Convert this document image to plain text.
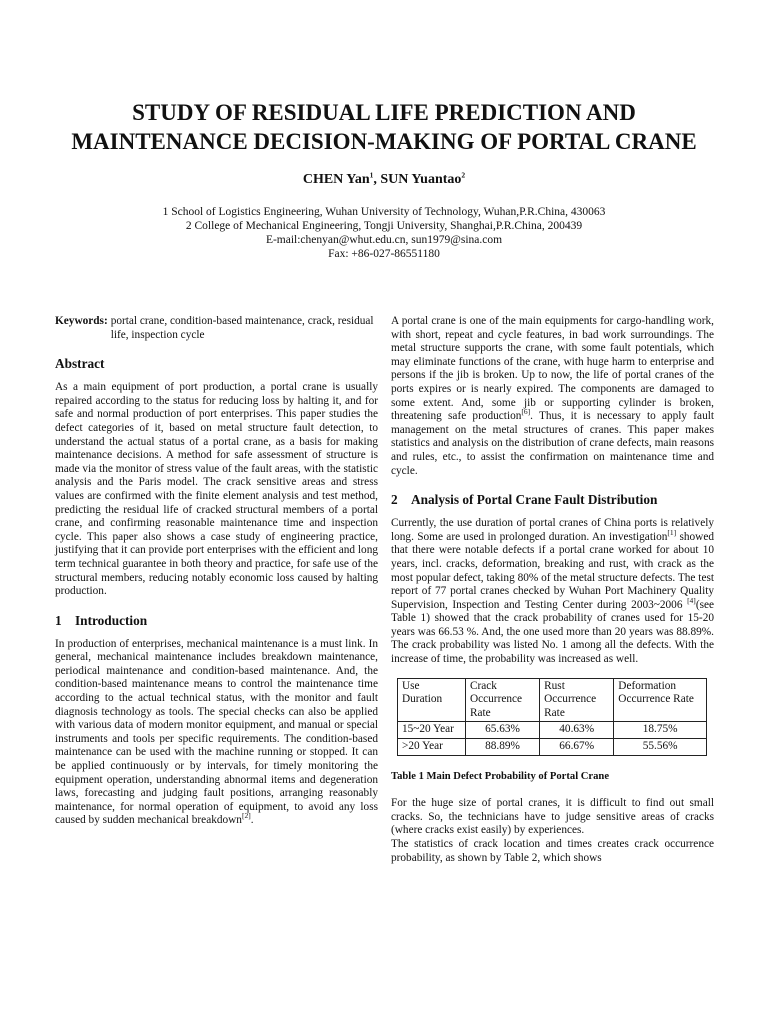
STUDY OF RESIDUAL LIFE PREDICTION AND
MAINTENANCE DECISION-MAKING OF PORTAL CRANE
CHEN Yan$^1$, SUN Yuantao$^2$
1 School of Logistics Engineering, Wuhan University of Technology, Wuhan,P.R.China, 430063
2 College of Mechanical Engineering, Tongji University, Shanghai,P.R.China, 200439
E-mail:chenyan@whut.edu.cn, sun1979@sina.com
Fax: +86-027-86551180
Keywords: portal crane, condition-based maintenance, crack, residual life, inspection cycle
Abstract

As a main equipment of port production, a portal crane is usually repaired according to the status for reducing loss by halting it, and for safe and normal production of port enterprises. This paper studies the defect categories of it, based on metal structure fault detection, to understand the actual status of a portal crane, as a basis for making maintenance decisions. A method for safe assessment of structure is made via the monitor of stress value of the fault areas, with the statistic analysis and the Paris model. The crack sensitive areas and stress values are confirmed with the finite element analysis and test method, predicting the residual life of cracked structural members of a portal crane, and confirming reasonable maintenance time and inspection cycle. This paper also shows a case study of engineering practice, justifying that it can provide port enterprises with the efficient and long term technical guarantee in both theory and practice, for safe use of the structural members, reducing notably economic loss caused by halting production.

1 Introduction

In production of enterprises, mechanical maintenance is a must link. In general, mechanical maintenance includes breakdown maintenance, periodical maintenance and condition-based maintenance. And, the condition-based maintenance means to control the maintenance time according to the actual technical status, with the monitor and fault diagnosis technology as tools. The special checks can also be applied with various data of modern monitor equipment, and manual or special instruments and tools per specific requirements. The condition-based maintenance can be used with the machine running or stopped. It can be applied continuously or by intervals, for timely monitoring the equipment operation, understanding abnormal items and degeneration laws, forecasting and judging fault positions, arranging reasonably maintenance, for normal operation of equipment, to avoid any loss caused by sudden mechanical breakdown[2].

A portal crane is one of the main equipments for cargo-handling work, with short, repeat and cycle features, in bad work surroundings. The metal structure supports the crane, with some fault potentials, which may eliminate functions of the crane, with huge harm to enterprise and persons if the jib is broken. Up to now, the life of portal cranes of the ports expires or is nearly expired. The components are damaged to some extent. And, some jib or supporting cylinder is broken, threatening safe production[6]. Thus, it is necessary to apply fault management on the metal structures of cranes. This paper makes statistics and analysis on the distribution of crane defects, main reasons and rules, etc., to assist the confirmation on maintenance time and cycle.

2 Analysis of Portal Crane Fault Distribution

Currently, the use duration of portal cranes of China ports is relatively long. Some are used in prolonged duration. An investigation[1] showed that there were notable defects if a portal crane worked for about 10 years, incl. cracks, deformation, breaking and rust, with crack as the most popular defect, taking 80% of the metal structure defects. The test report of 77 portal cranes checked by Wuhan Port Machinery Quality Supervision, Inspection and Testing Center during 2003~2006 [4](see Table 1) showed that the crack probability of cranes used for 15-20 years was 66.53 %. And, the one used more than 20 years was 88.89%. The crack probability was listed No. 1 among all the defects. With the increase of time, the probability was increased as well.

Use Duration	Crack Occurrence Rate	Rust Occurrence Rate	Deformation Occurrence Rate
15~20 Year	65.63%	40.63%	18.75%
>20 Year	88.89%	66.67%	55.56%
Table 1 Main Defect Probability of Portal Crane

For the huge size of portal cranes, it is difficult to find out small cracks. So, the technicians have to judge sensitive areas of cracks (where cracks exist easily) by experiences.

The statistics of crack location and times creates crack occurrence probability, as shown by Table 2, which shows
